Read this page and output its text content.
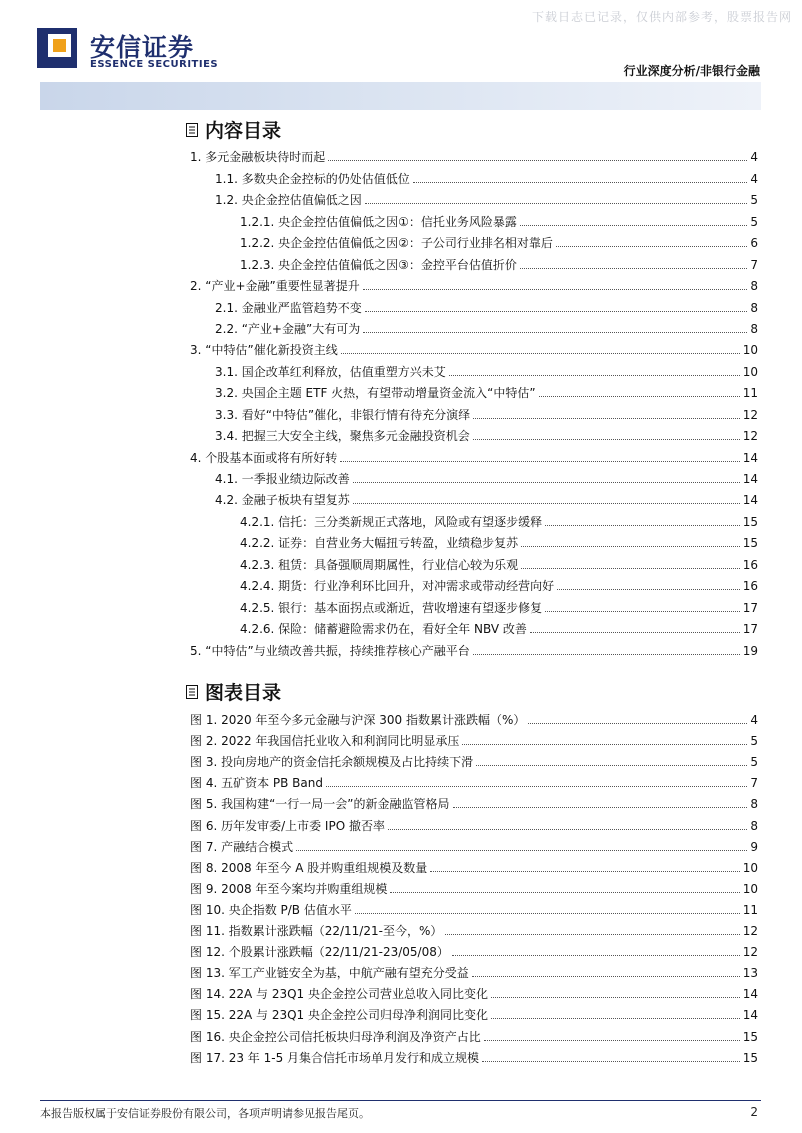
下载日志已记录，仅供内部参考，股票报告网
安信证券
ESSENCE SECURITIES	行业深度分析/非银行金融
内容目录
1. 多元金融板块待时而起	4
1.1. 多数央企金控标的仍处估值低位	4
1.2. 央企金控估值偏低之因	5
1.2.1. 央企金控估值偏低之因①：信托业务风险暴露	5
1.2.2. 央企金控估值偏低之因②：子公司行业排名相对靠后	6
1.2.3. 央企金控估值偏低之因③：金控平台估值折价	7
2. “产业+金融”重要性显著提升	8
2.1. 金融业严监管趋势不变	8
2.2. “产业+金融”大有可为	8
3. “中特估”催化新投资主线	10
3.1. 国企改革红利释放，估值重塑方兴未艾	10
3.2. 央国企主题 ETF 火热，有望带动增量资金流入“中特估”	11
3.3. 看好“中特估”催化，非银行情有待充分演绎	12
3.4. 把握三大安全主线，聚焦多元金融投资机会	12
4. 个股基本面或将有所好转	14
4.1. 一季报业绩边际改善	14
4.2. 金融子板块有望复苏	14
4.2.1. 信托：三分类新规正式落地，风险或有望逐步缓释	15
4.2.2. 证券：自营业务大幅扭亏转盈，业绩稳步复苏	15
4.2.3. 租赁：具备强顺周期属性，行业信心较为乐观	16
4.2.4. 期货：行业净利环比回升，对冲需求或带动经营向好	16
4.2.5. 银行：基本面拐点或渐近，营收增速有望逐步修复	17
4.2.6. 保险：储蓄避险需求仍在，看好全年 NBV 改善	17
5. “中特估”与业绩改善共振，持续推荐核心产融平台	19
图表目录
图 1. 2020 年至今多元金融与沪深 300 指数累计涨跌幅（%）	4
图 2. 2022 年我国信托业收入和利润同比明显承压	5
图 3. 投向房地产的资金信托余额规模及占比持续下滑	5
图 4. 五矿资本 PB Band	7
图 5. 我国构建“一行一局一会”的新金融监管格局	8
图 6. 历年发审委/上市委 IPO 撤否率	8
图 7. 产融结合模式	9
图 8. 2008 年至今 A 股并购重组规模及数量	10
图 9. 2008 年至今案均并购重组规模	10
图 10. 央企指数 P/B 估值水平	11
图 11. 指数累计涨跌幅（22/11/21-至今，%）	12
图 12. 个股累计涨跌幅（22/11/21-23/05/08）	12
图 13. 军工产业链安全为基，中航产融有望充分受益	13
图 14. 22A 与 23Q1 央企金控公司营业总收入同比变化	14
图 15. 22A 与 23Q1 央企金控公司归母净利润同比变化	14
图 16. 央企金控公司信托板块归母净利润及净资产占比	15
图 17. 23 年 1-5 月集合信托市场单月发行和成立规模	15
本报告版权属于安信证券股份有限公司，各项声明请参见报告尾页。	2
